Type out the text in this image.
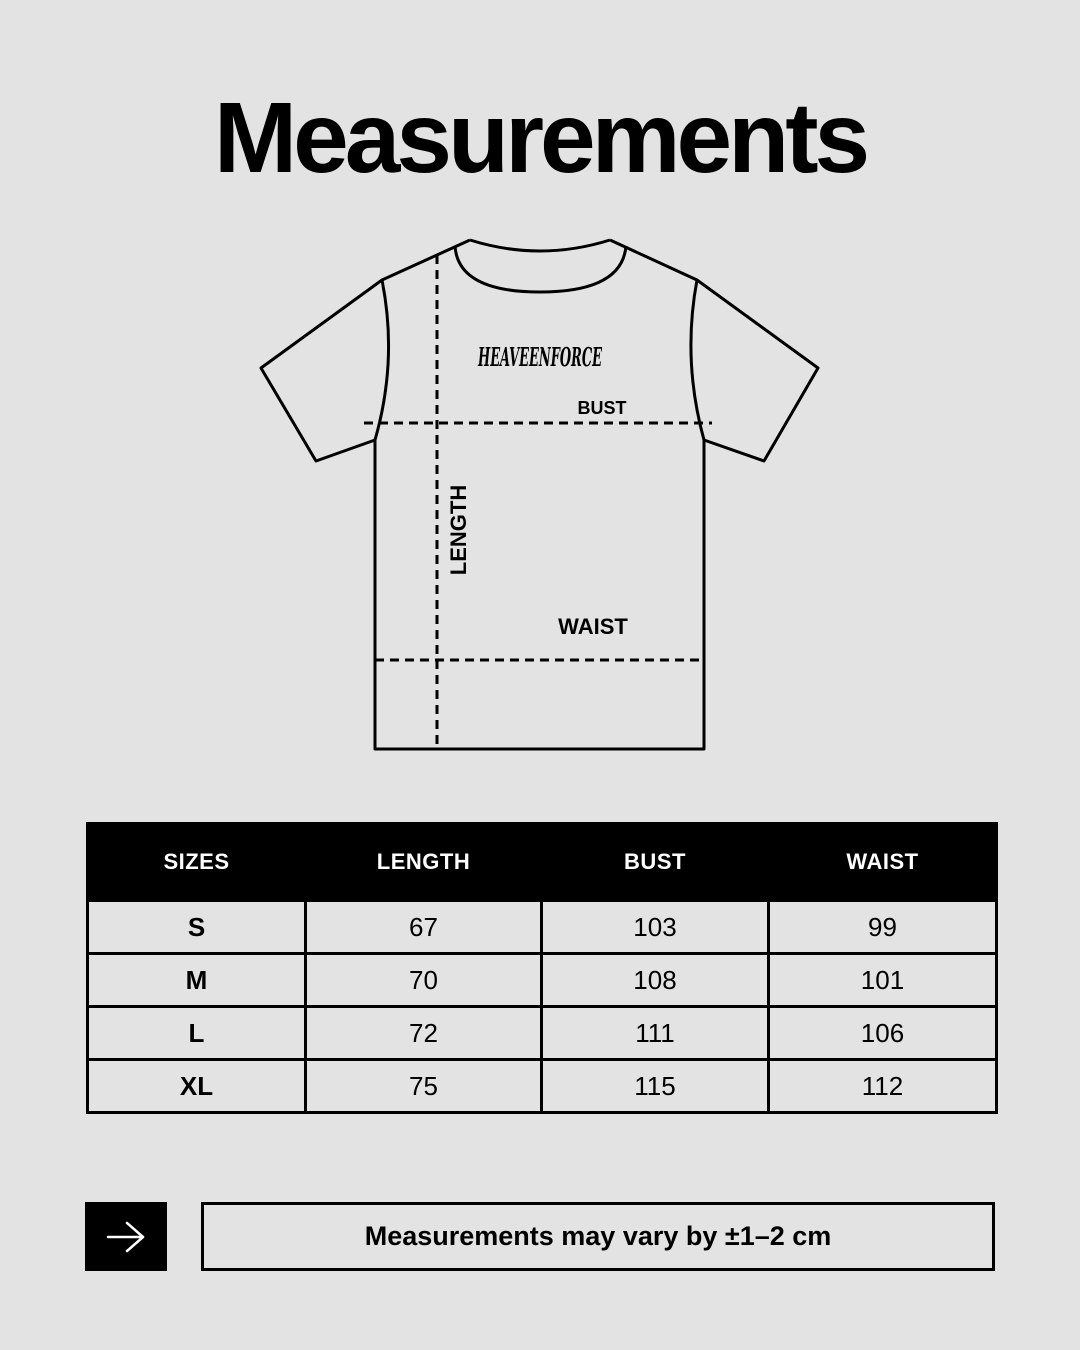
Measurements
HEAVEENFORCE
BUST
LENGTH
WAIST
SIZES	LENGTH	BUST	WAIST
S	67	103	99
M	70	108	101
L	72	111	106
XL	75	115	112
Measurements may vary by ±1–2 cm
